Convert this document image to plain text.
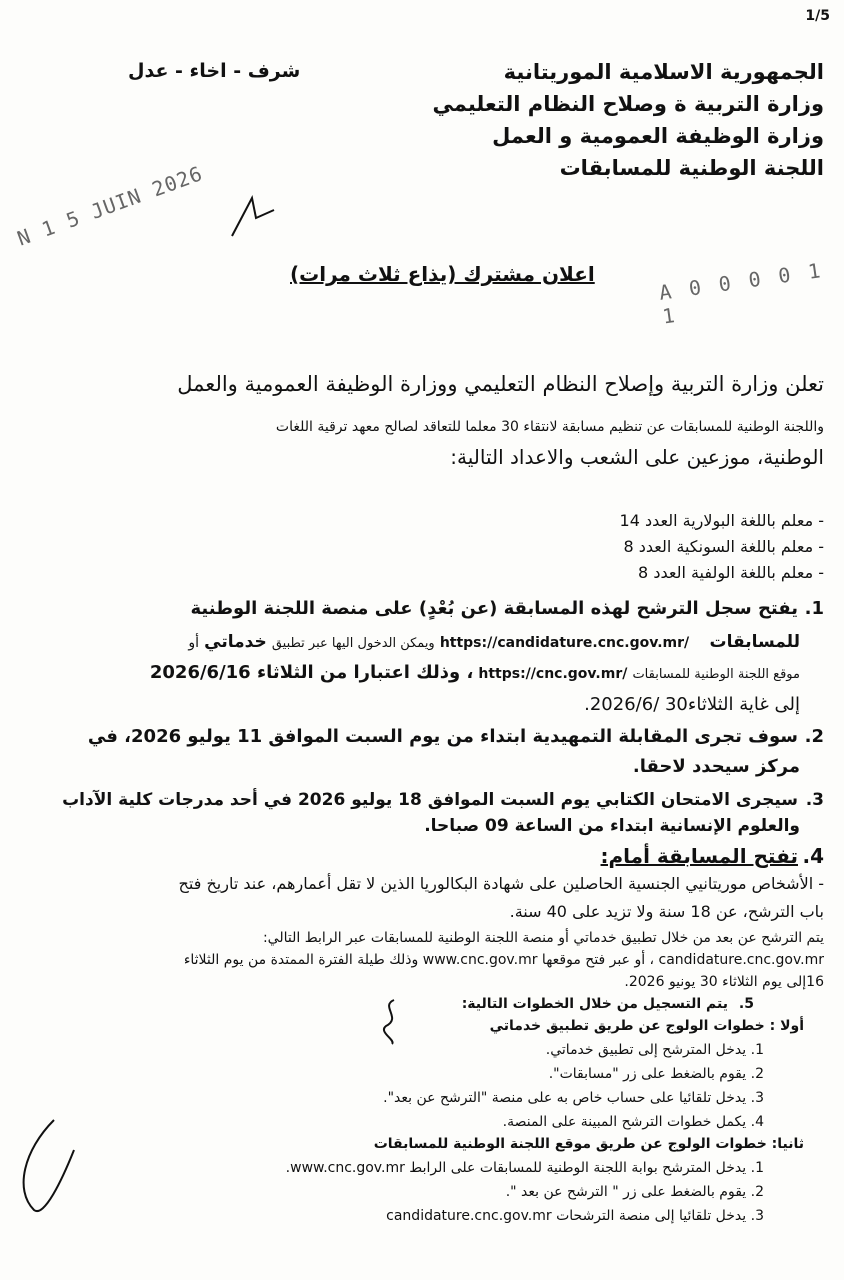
1/5
شرف - اخاء - عدل	الجمهورية الاسلامية الموريتانية
وزارة التربية ة وصلاح النظام التعليمي
وزارة الوظيفة العمومية و العمل
اللجنة الوطنية للمسابقات
N 1 5 JUIN 2026
A 0 0 0 0 1 1
اعلان مشترك (يذاع ثلاث مرات)
تعلن وزارة التربية وإصلاح النظام التعليمي ووزارة الوظيفة العمومية والعمل
واللجنة الوطنية للمسابقات عن تنظيم مسابقة لانتقاء 30 معلما للتعاقد لصالح معهد ترقية اللغات
الوطنية، موزعين على الشعب والاعداد التالية:
- معلم باللغة البولارية العدد 14
- معلم باللغة السونكية العدد 8
- معلم باللغة الولفية العدد 8
1.يفتح سجل الترشح لهذه المسابقة (عن بُعْدٍ) على منصة اللجنة الوطنية
للمسابقات    https://candidature.cnc.gov.mr/ ويمكن الدخول اليها عبر تطبيق خدماتي أو
موقع اللجنة الوطنية للمسابقات https://cnc.gov.mr/ ، وذلك اعتبارا من الثلاثاء 2026/6/16
إلى غاية الثلاثاء30 /2026/6.
2.سوف تجرى المقابلة التمهيدية ابتداء من يوم السبت الموافق 11 يوليو 2026، في
مركز سيحدد لاحقا.
3.سيجرى الامتحان الكتابي يوم السبت الموافق 18 يوليو 2026 في أحد مدرجات كلية الآداب
والعلوم الإنسانية ابتداء من الساعة 09 صباحا.
4.تفتح المسابقة أمام:
- الأشخاص موريتانيي الجنسية الحاصلين على شهادة البكالوريا الذين لا تقل أعمارهم، عند تاريخ فتح
باب الترشح، عن 18 سنة ولا تزيد على 40 سنة.
يتم الترشح عن بعد من خلال تطبيق خدماتي أو منصة اللجنة الوطنية للمسابقات عبر الرابط التالي:
candidature.cnc.gov.mr ، أو عبر فتح موقعها www.cnc.gov.mr وذلك طيلة الفترة الممتدة من يوم الثلاثاء
16إلى يوم الثلاثاء 30 يونيو 2026.
5.يتم التسجيل من خلال الخطوات التالية:
أولا : خطوات الولوج عن طريق تطبيق خدماتي
1. يدخل المترشح إلى تطبيق خدماتي.
2. يقوم بالضغط على زر "مسابقات".
3. يدخل تلقائيا على حساب خاص به على منصة "الترشح عن بعد".
4. يكمل خطوات الترشح المبينة على المنصة.
ثانيا: خطوات الولوج عن طريق موقع اللجنة الوطنية للمسابقات
1. يدخل المترشح بوابة اللجنة الوطنية للمسابقات على الرابط www.cnc.gov.mr.
2. يقوم بالضغط على زر " الترشح عن بعد ".
3. يدخل تلقائيا إلى منصة الترشحات candidature.cnc.gov.mr
